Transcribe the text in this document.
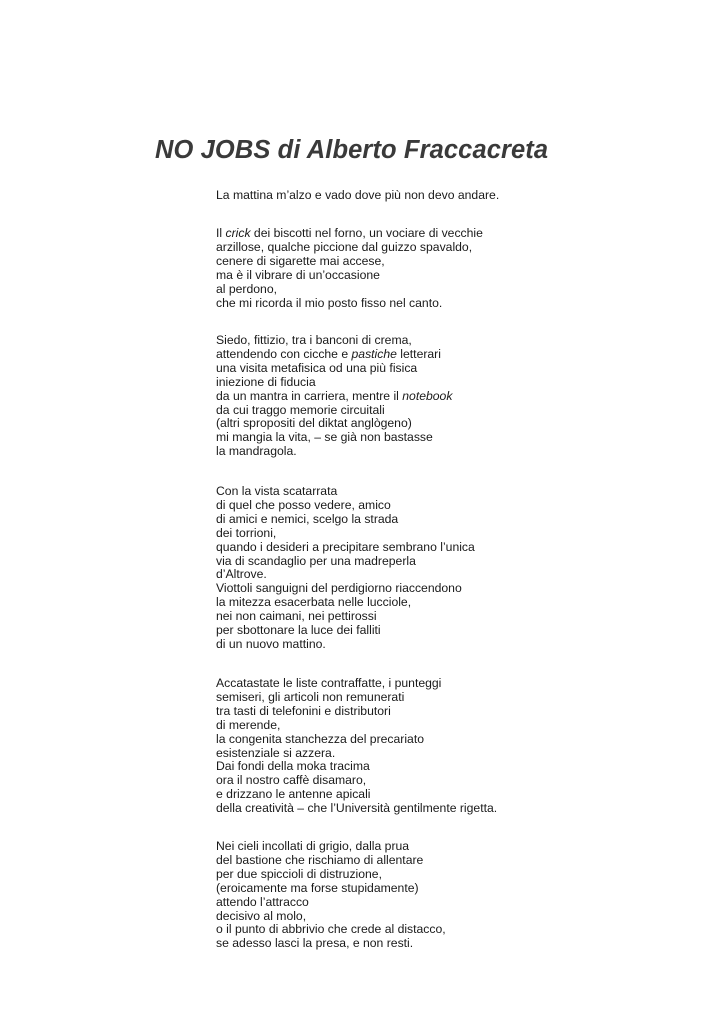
NO JOBS di Alberto Fraccacreta
La mattina m’alzo e vado dove più non devo andare.
Il crick dei biscotti nel forno, un vociare di vecchie
arzillose, qualche piccione dal guizzo spavaldo,
cenere di sigarette mai accese,
ma è il vibrare di un’occasione
al perdono,
che mi ricorda il mio posto fisso nel canto.
Siedo, fittizio, tra i banconi di crema,
attendendo con cicche e pastiche letterari
una visita metafisica od una più fisica
iniezione di fiducia
da un mantra in carriera, mentre il notebook
da cui traggo memorie circuitali
(altri spropositi del diktat anglògeno)
mi mangia la vita, – se già non bastasse
la mandragola.
Con la vista scatarrata
di quel che posso vedere, amico
di amici e nemici, scelgo la strada
dei torrioni,
quando i desideri a precipitare sembrano l’unica
via di scandaglio per una madreperla
d’Altrove.
Viottoli sanguigni del perdigiorno riaccendono
la mitezza esacerbata nelle lucciole,
nei non caimani, nei pettirossi
per sbottonare la luce dei falliti
di un nuovo mattino.
Accatastate le liste contraffatte, i punteggi
semiseri, gli articoli non remunerati
tra tasti di telefonini e distributori
di merende,
la congenita stanchezza del precariato
esistenziale si azzera.
Dai fondi della moka tracima
ora il nostro caffè disamaro,
e drizzano le antenne apicali
della creatività – che l’Università gentilmente rigetta.
Nei cieli incollati di grigio, dalla prua
del bastione che rischiamo di allentare
per due spiccioli di distruzione,
(eroicamente ma forse stupidamente)
attendo l’attracco
decisivo al molo,
o il punto di abbrivio che crede al distacco,
se adesso lasci la presa, e non resti.
